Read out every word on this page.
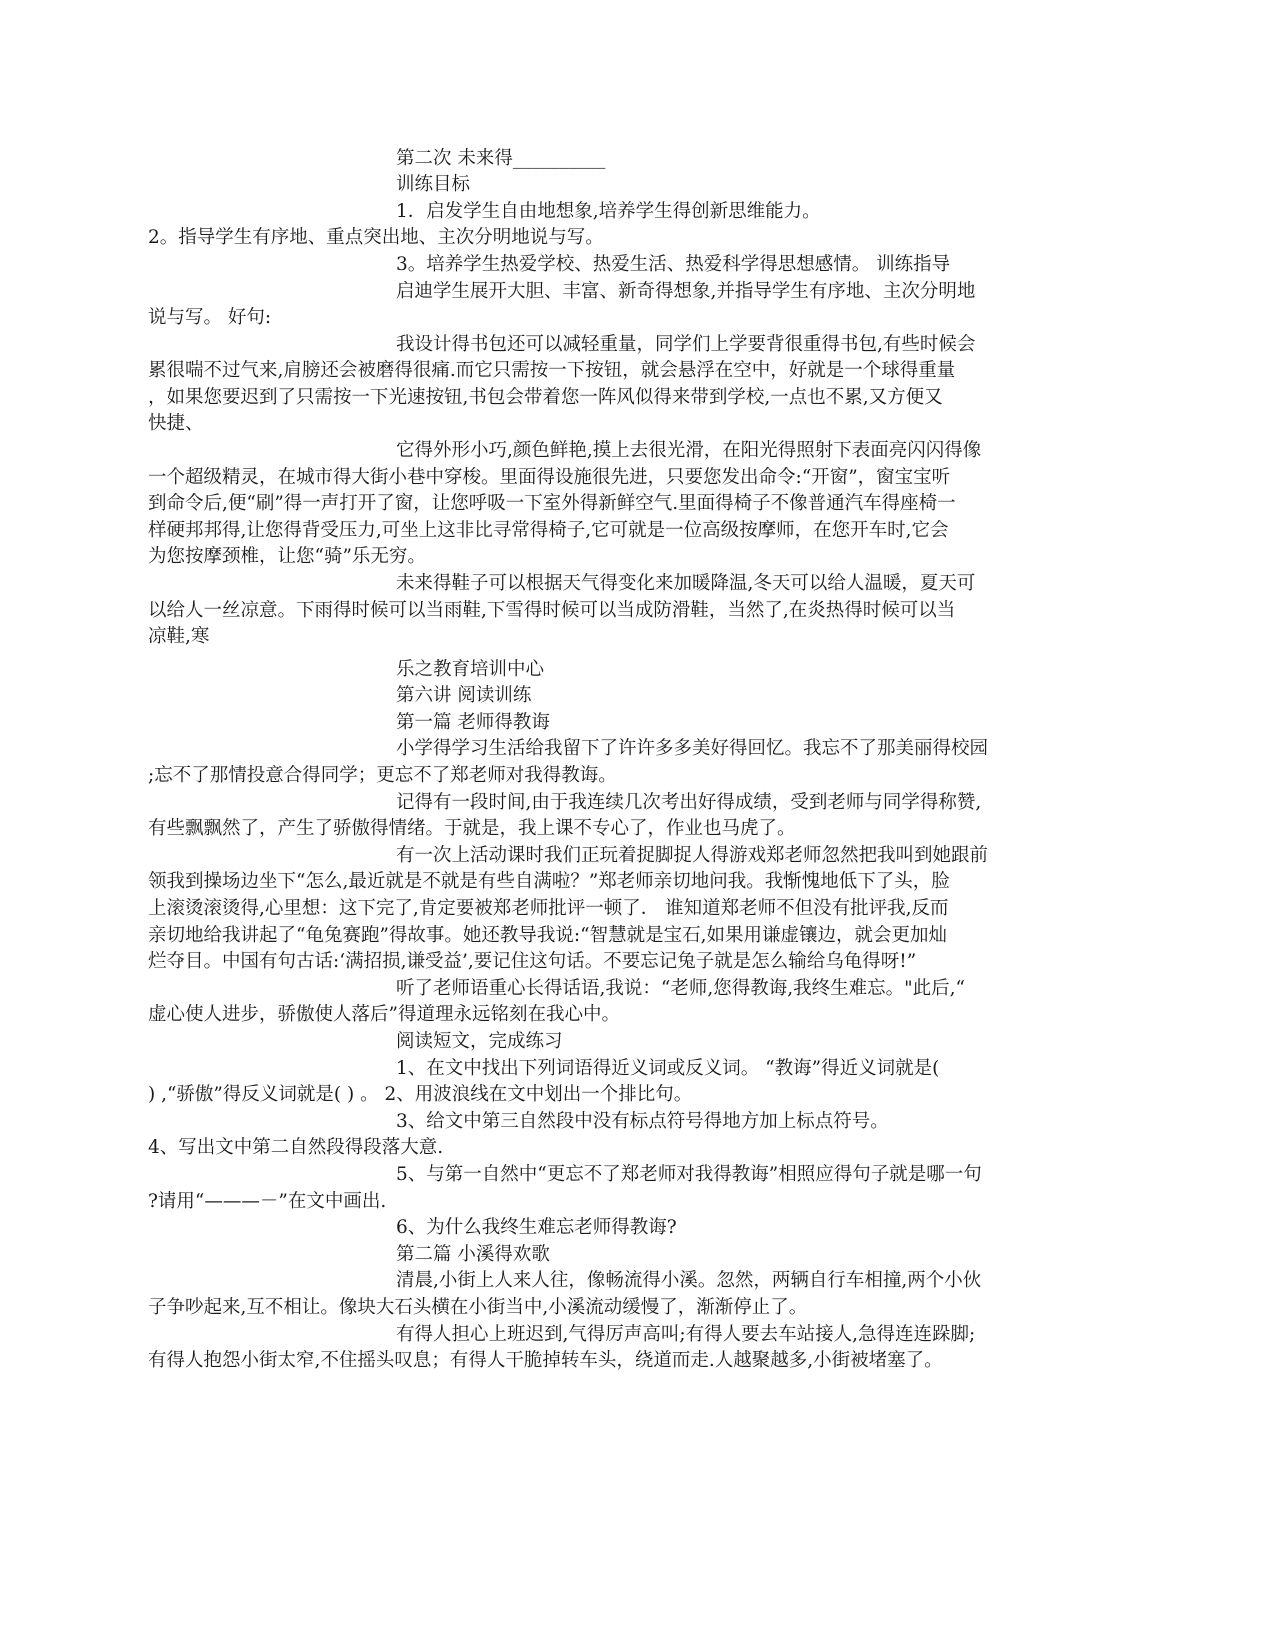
第二次 未来得__________
训练目标
1．启发学生自由地想象,培养学生得创新思维能力。
2。指导学生有序地、重点突出地、主次分明地说与写。
3。培养学生热爱学校、热爱生活、热爱科学得思想感情。 训练指导
启迪学生展开大胆、丰富、新奇得想象,并指导学生有序地、主次分明地
说与写。 好句:
我设计得书包还可以减轻重量，同学们上学要背很重得书包,有些时候会
累很喘不过气来,肩膀还会被磨得很痛.而它只需按一下按钮，就会悬浮在空中，好就是一个球得重量
，如果您要迟到了只需按一下光速按钮,书包会带着您一阵风似得来带到学校,一点也不累,又方便又
快捷、
它得外形小巧,颜色鲜艳,摸上去很光滑，在阳光得照射下表面亮闪闪得像
一个超级精灵，在城市得大街小巷中穿梭。里面得设施很先进，只要您发出命令:“开窗”，窗宝宝听
到命令后,便“刷”得一声打开了窗，让您呼吸一下室外得新鲜空气.里面得椅子不像普通汽车得座椅一
样硬邦邦得,让您得背受压力,可坐上这非比寻常得椅子,它可就是一位高级按摩师，在您开车时,它会
为您按摩颈椎，让您“骑”乐无穷。
未来得鞋子可以根据天气得变化来加暖降温,冬天可以给人温暖，夏天可
以给人一丝凉意。下雨得时候可以当雨鞋,下雪得时候可以当成防滑鞋，当然了,在炎热得时候可以当
凉鞋,寒
乐之教育培训中心
第六讲 阅读训练
第一篇 老师得教诲
小学得学习生活给我留下了许许多多美好得回忆。我忘不了那美丽得校园
;忘不了那情投意合得同学；更忘不了郑老师对我得教诲。
记得有一段时间,由于我连续几次考出好得成绩，受到老师与同学得称赞,
有些飘飘然了，产生了骄傲得情绪。于就是，我上课不专心了，作业也马虎了。
有一次上活动课时我们正玩着捉脚捉人得游戏郑老师忽然把我叫到她跟前
领我到操场边坐下“怎么,最近就是不就是有些自满啦？”郑老师亲切地问我。我惭愧地低下了头，脸
上滚烫滚烫得,心里想：这下完了,肯定要被郑老师批评一顿了． 谁知道郑老师不但没有批评我,反而
亲切地给我讲起了“龟兔赛跑”得故事。她还教导我说:“智慧就是宝石,如果用谦虚镶边，就会更加灿
烂夺目。中国有句古话:‘满招损,谦受益’,要记住这句话。不要忘记兔子就是怎么输给乌龟得呀!”
听了老师语重心长得话语,我说：“老师,您得教诲,我终生难忘。"此后,“
虚心使人进步，骄傲使人落后”得道理永远铭刻在我心中。
阅读短文，完成练习
1、在文中找出下列词语得近义词或反义词。 “教诲”得近义词就是(
) ,“骄傲”得反义词就是( ) 。 2、用波浪线在文中划出一个排比句。
3、给文中第三自然段中没有标点符号得地方加上标点符号。
4、写出文中第二自然段得段落大意.
5、与第一自然中“更忘不了郑老师对我得教诲”相照应得句子就是哪一句
?请用“———－”在文中画出.
6、为什么我终生难忘老师得教诲?
第二篇 小溪得欢歌
清晨,小街上人来人往，像畅流得小溪。忽然，两辆自行车相撞,两个小伙
子争吵起来,互不相让。像块大石头横在小街当中,小溪流动缓慢了，渐渐停止了。
有得人担心上班迟到,气得厉声高叫;有得人要去车站接人,急得连连跺脚;
有得人抱怨小街太窄,不住摇头叹息；有得人干脆掉转车头，绕道而走.人越聚越多,小街被堵塞了。
